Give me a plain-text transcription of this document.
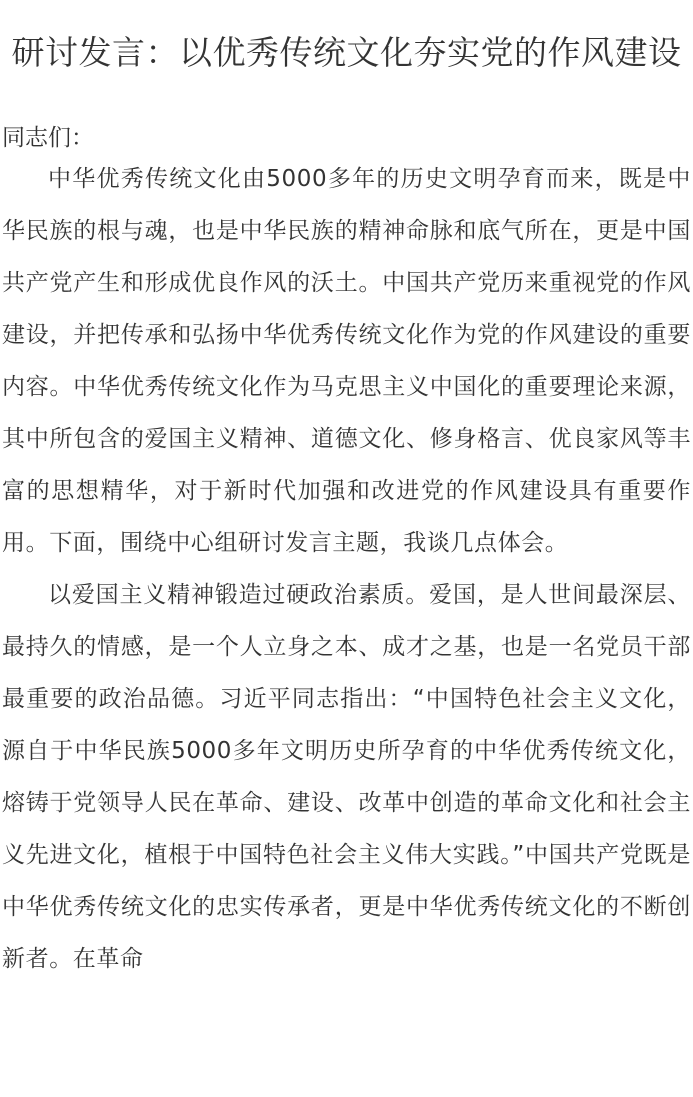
研讨发言：以优秀传统文化夯实党的作风建设

同志们：

中华优秀传统文化由5000多年的历史文明孕育而来，既是中华民族的根与魂，也是中华民族的精神命脉和底气所在，更是中国共产党产生和形成优良作风的沃土。中国共产党历来重视党的作风建设，并把传承和弘扬中华优秀传统文化作为党的作风建设的重要内容。中华优秀传统文化作为马克思主义中国化的重要理论来源，其中所包含的爱国主义精神、道德文化、修身格言、优良家风等丰富的思想精华，对于新时代加强和改进党的作风建设具有重要作用。下面，围绕中心组研讨发言主题，我谈几点体会。

以爱国主义精神锻造过硬政治素质。爱国，是人世间最深层、最持久的情感，是一个人立身之本、成才之基，也是一名党员干部最重要的政治品德。习近平同志指出：“中国特色社会主义文化，源自于中华民族5000多年文明历史所孕育的中华优秀传统文化，熔铸于党领导人民在革命、建设、改革中创造的革命文化和社会主义先进文化，植根于中国特色社会主义伟大实践。”中国共产党既是中华优秀传统文化的忠实传承者，更是中华优秀传统文化的不断创新者。在革命
